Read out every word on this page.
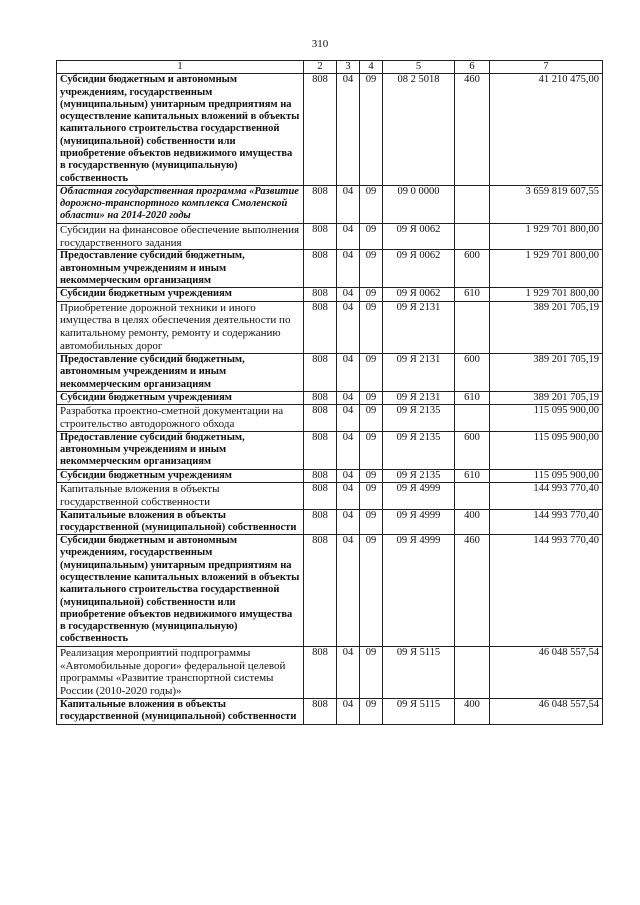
310
1	2	3	4	5	6	7
Субсидии бюджетным и автономным учреждениям, государственным (муниципальным) унитарным предприятиям на осуществление капитальных вложений в объекты капитального строительства государственной (муниципальной) собственности или приобретение объектов недвижимого имущества в государственную (муниципальную) собственность	808	04	09	08 2 5018	460	41 210 475,00
Областная государственная программа «Развитие дорожно-транспортного комплекса Смоленской области» на 2014-2020 годы	808	04	09	09 0 0000		3 659 819 607,55
Субсидии на финансовое обеспечение выполнения государственного задания	808	04	09	09 Я 0062		1 929 701 800,00
Предоставление субсидий бюджетным, автономным учреждениям и иным некоммерческим организациям	808	04	09	09 Я 0062	600	1 929 701 800,00
Субсидии бюджетным учреждениям	808	04	09	09 Я 0062	610	1 929 701 800,00
Приобретение дорожной техники и иного имущества в целях обеспечения деятельности по капитальному ремонту, ремонту и содержанию автомобильных дорог	808	04	09	09 Я 2131		389 201 705,19
Предоставление субсидий бюджетным, автономным учреждениям и иным некоммерческим организациям	808	04	09	09 Я 2131	600	389 201 705,19
Субсидии бюджетным учреждениям	808	04	09	09 Я 2131	610	389 201 705,19
Разработка проектно-сметной документации на строительство автодорожного обхода	808	04	09	09 Я 2135		115 095 900,00
Предоставление субсидий бюджетным, автономным учреждениям и иным некоммерческим организациям	808	04	09	09 Я 2135	600	115 095 900,00
Субсидии бюджетным учреждениям	808	04	09	09 Я 2135	610	115 095 900,00
Капитальные вложения в объекты государственной собственности	808	04	09	09 Я 4999		144 993 770,40
Капитальные вложения в объекты государственной (муниципальной) собственности	808	04	09	09 Я 4999	400	144 993 770,40
Субсидии бюджетным и автономным учреждениям, государственным (муниципальным) унитарным предприятиям на осуществление капитальных вложений в объекты капитального строительства государственной (муниципальной) собственности или приобретение объектов недвижимого имущества в государственную (муниципальную) собственность	808	04	09	09 Я 4999	460	144 993 770,40
Реализация мероприятий подпрограммы «Автомобильные дороги» федеральной целевой программы «Развитие транспортной системы России (2010-2020 годы)»	808	04	09	09 Я 5115		46 048 557,54
Капитальные вложения в объекты государственной (муниципальной) собственности	808	04	09	09 Я 5115	400	46 048 557,54
